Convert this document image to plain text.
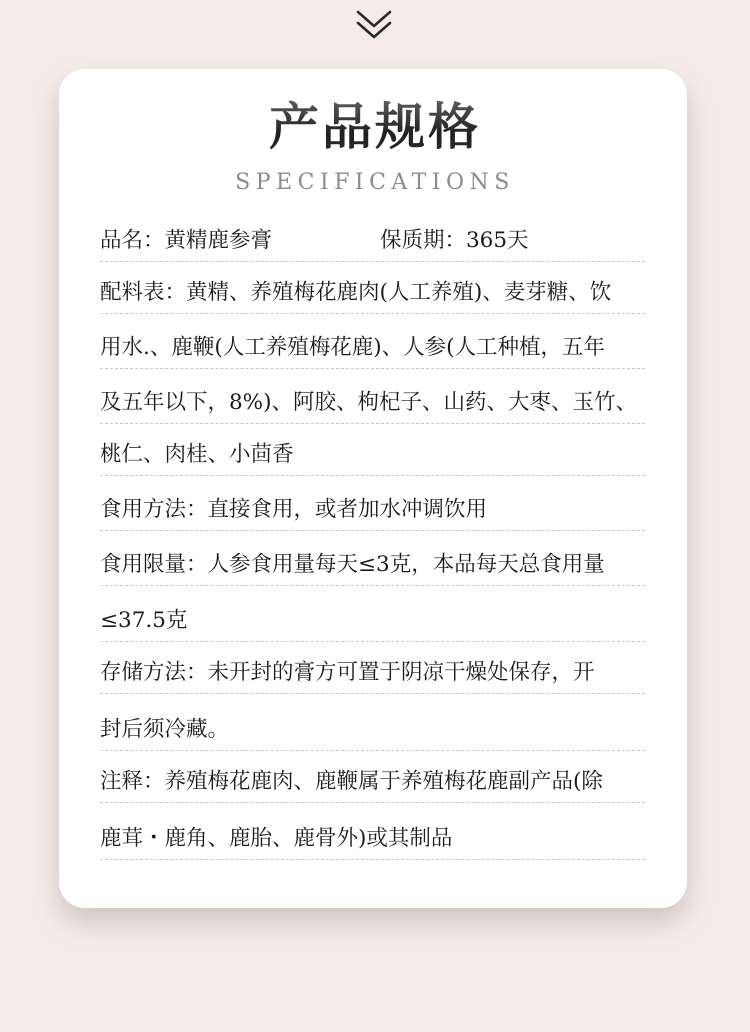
产品规格
SPECIFICATIONS
品名：黄精鹿参膏	保质期：365天
配料表：黄精、养殖梅花鹿肉(人工养殖)、麦芽糖、饮
用水.、鹿鞭(人工养殖梅花鹿)、人参(人工种植，五年
及五年以下，8%)、阿胶、枸杞子、山药、大枣、玉竹、
桃仁、肉桂、小茴香
食用方法：直接食用，或者加水冲调饮用
食用限量：人参食用量每天≤3克，本品每天总食用量
≤37.5克
存储方法：未开封的膏方可置于阴凉干燥处保存，开
封后须冷藏。
注释：养殖梅花鹿肉、鹿鞭属于养殖梅花鹿副产品(除
鹿茸・鹿角、鹿胎、鹿骨外)或其制品
